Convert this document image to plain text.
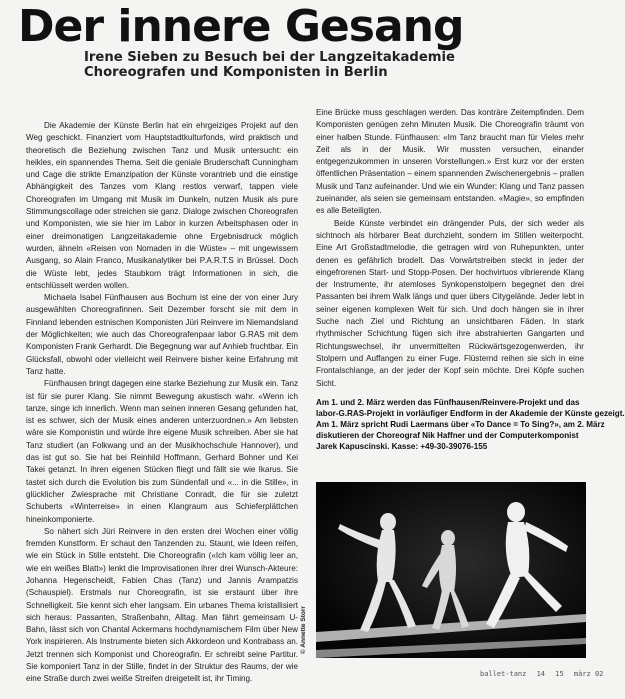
Der innere Gesang
Irene Sieben zu Besuch bei der Langzeitakademie Choreografen und Komponisten in Berlin

Die Akademie der Künste Berlin hat ein ehrgeiziges Projekt auf den Weg geschickt. Finanziert vom Hauptstadtkulturfonds, wird praktisch und theoretisch die Beziehung zwischen Tanz und Musik untersucht: ein heikles, ein spannendes Thema. Seit die geniale Bruderschaft Cunningham und Cage die strikte Emanzipation der Künste vorantrieb und die einstige Abhängigkeit des Tanzes vom Klang restlos verwarf, tappen viele Choreografen im Umgang mit Musik im Dunkeln, nutzen Musik als pure Stimmungscollage oder streichen sie ganz. Dialoge zwischen Choreografen und Komponisten, wie sie hier im Labor in kurzen Arbeitsphasen oder in einer dreimonatigen Langzeitakademie ohne Ergebnisdruck möglich wurden, ähneln «Reisen von Nomaden in die Wüste» – mit ungewissem Ausgang, so Alain Franco, Musikanalytiker bei P.A.R.T.S in Brüssel. Doch die Wüste lebt, jedes Staubkorn trägt Informationen in sich, die entschlüsselt werden wollen.

Michaela Isabel Fünfhausen aus Bochum ist eine der von einer Jury ausgewählten Choreografinnen. Seit Dezember forscht sie mit dem in Finnland lebenden estnischen Komponisten Jüri Reinvere im Niemandsland der Möglichkeiten; wie auch das Choreografenpaar labor G.RAS mit dem Komponisten Frank Gerhardt. Die Begegnung war auf Anhieb fruchtbar. Ein Glücksfall, obwohl oder vielleicht weil Reinvere bisher keine Erfahrung mit Tanz hatte.

Fünfhausen bringt dagegen eine starke Beziehung zur Musik ein. Tanz ist für sie purer Klang. Sie nimmt Bewegung akustisch wahr. «Wenn ich tanze, singe ich innerlich. Wenn man seinen inneren Gesang gefunden hat, ist es schwer, sich der Musik eines anderen unterzuordnen.» Am liebsten wäre sie Komponistin und würde ihre eigene Musik schreiben. Aber sie hat Tanz studiert (an Folkwang und an der Musikhochschule Hannover), und das ist gut so. Sie hat bei Reinhild Hoffmann, Gerhard Bohner und Kei Takei getanzt. In ihren eigenen Stücken fliegt und fällt sie wie Ikarus. Sie tastet sich durch die Evolution bis zum Sündenfall und «... in die Stille», in glücklicher Zwiesprache mit Christiane Conradt, die für sie zuletzt Schuberts «Winterreise» in einen Klangraum aus Schieferplättchen hineinkomponierte.

So nähert sich Jüri Reinvere in den ersten drei Wochen einer völlig fremden Kunstform. Er schaut den Tanzenden zu. Staunt, wie Ideen reifen, wie ein Stück in Stille entsteht. Die Choreografin («Ich kam völlig leer an, wie ein weißes Blatt») lenkt die Improvisationen ihrer drei Wunsch-Akteure: Johanna Hegenscheidt, Fabien Chas (Tanz) und Jannis Arampatzis (Schauspiel). Erstmals nur Choreografin, ist sie erstaunt über ihre Schnelligkeit. Sie kennt sich eher langsam. Ein urbanes Thema kristallisiert sich heraus: Passanten, Straßenbahn, Alltag. Man fährt gemeinsam U-Bahn, lässt sich von Chantal Ackermans hochdynamischem Film über New York inspirieren. Als Instrumente bieten sich Akkordeon und Kontrabass an. Jetzt trennen sich Komponist und Choreografin. Er schreibt seine Partitur. Sie komponiert Tanz in der Stille, findet in der Struktur des Raums, der wie eine Straße durch zwei weiße Streifen dreigeteilt ist, ihr Timing.

Eine Brücke muss geschlagen werden. Das konträre Zeitempfinden. Dem Komponisten genügen zehn Minuten Musik. Die Choreografin träumt von einer halben Stunde. Fünfhausen: «Im Tanz braucht man für Vieles mehr Zeit als in der Musik. Wir mussten versuchen, einander entgegenzukommen in unseren Vorstellungen.» Erst kurz vor der ersten öffentlichen Präsentation – einem spannenden Zwischenergebnis – prallen Musik und Tanz aufeinander. Und wie ein Wunder: Klang und Tanz passen zueinander, als seien sie gemeinsam entstanden. «Magie», so empfinden es alle Beteiligten.

Beide Künste verbindet ein drängender Puls, der sich weder als sichtnoch als hörbarer Beat durchzieht, sondern im Stillen weiterpocht. Eine Art Großstadtmelodie, die getragen wird von Ruhepunkten, unter denen es gefährlich brodelt. Das Vorwärtstreiben steckt in jeder der eingefrorenen Start- und Stopp-Posen. Der hochvirtuos vibrierende Klang der Instrumente, ihr atemloses Synkopenstolpern begegnet den drei Passanten bei ihrem Walk längs und quer übers Citygelände. Jeder lebt in seiner eigenen komplexen Welt für sich. Und doch hängen sie in ihrer Suche nach Ziel und Richtung an unsichtbaren Fäden. In stark rhythmischer Schichtung fügen sich ihre abstrahierten Gangarten und Richtungswechsel, ihr unvermittelten Rückwärtsgezogenwerden, ihr Stolpern und Auffangen zu einer Fuge. Flüsternd reihen sie sich in eine Frontalschlange, an der jeder der Kopf sein möchte. Drei Köpfe suchen Sicht.

Am 1. und 2. März werden das Fünfhausen/Reinvere-Projekt und das
labor-G.RAS-Projekt in vorläufiger Endform in der Akademie der Künste gezeigt.
Am 1. März spricht Rudi Laermans über «To Dance = To Sing?», am 2. März
diskutieren der Choreograf Nik Haffner und der Computerkomponist
Jarek Kapuscinski. Kasse: +49-30-39076-155
© Annette Storr
ballet-tanz 14 15 märz 02
